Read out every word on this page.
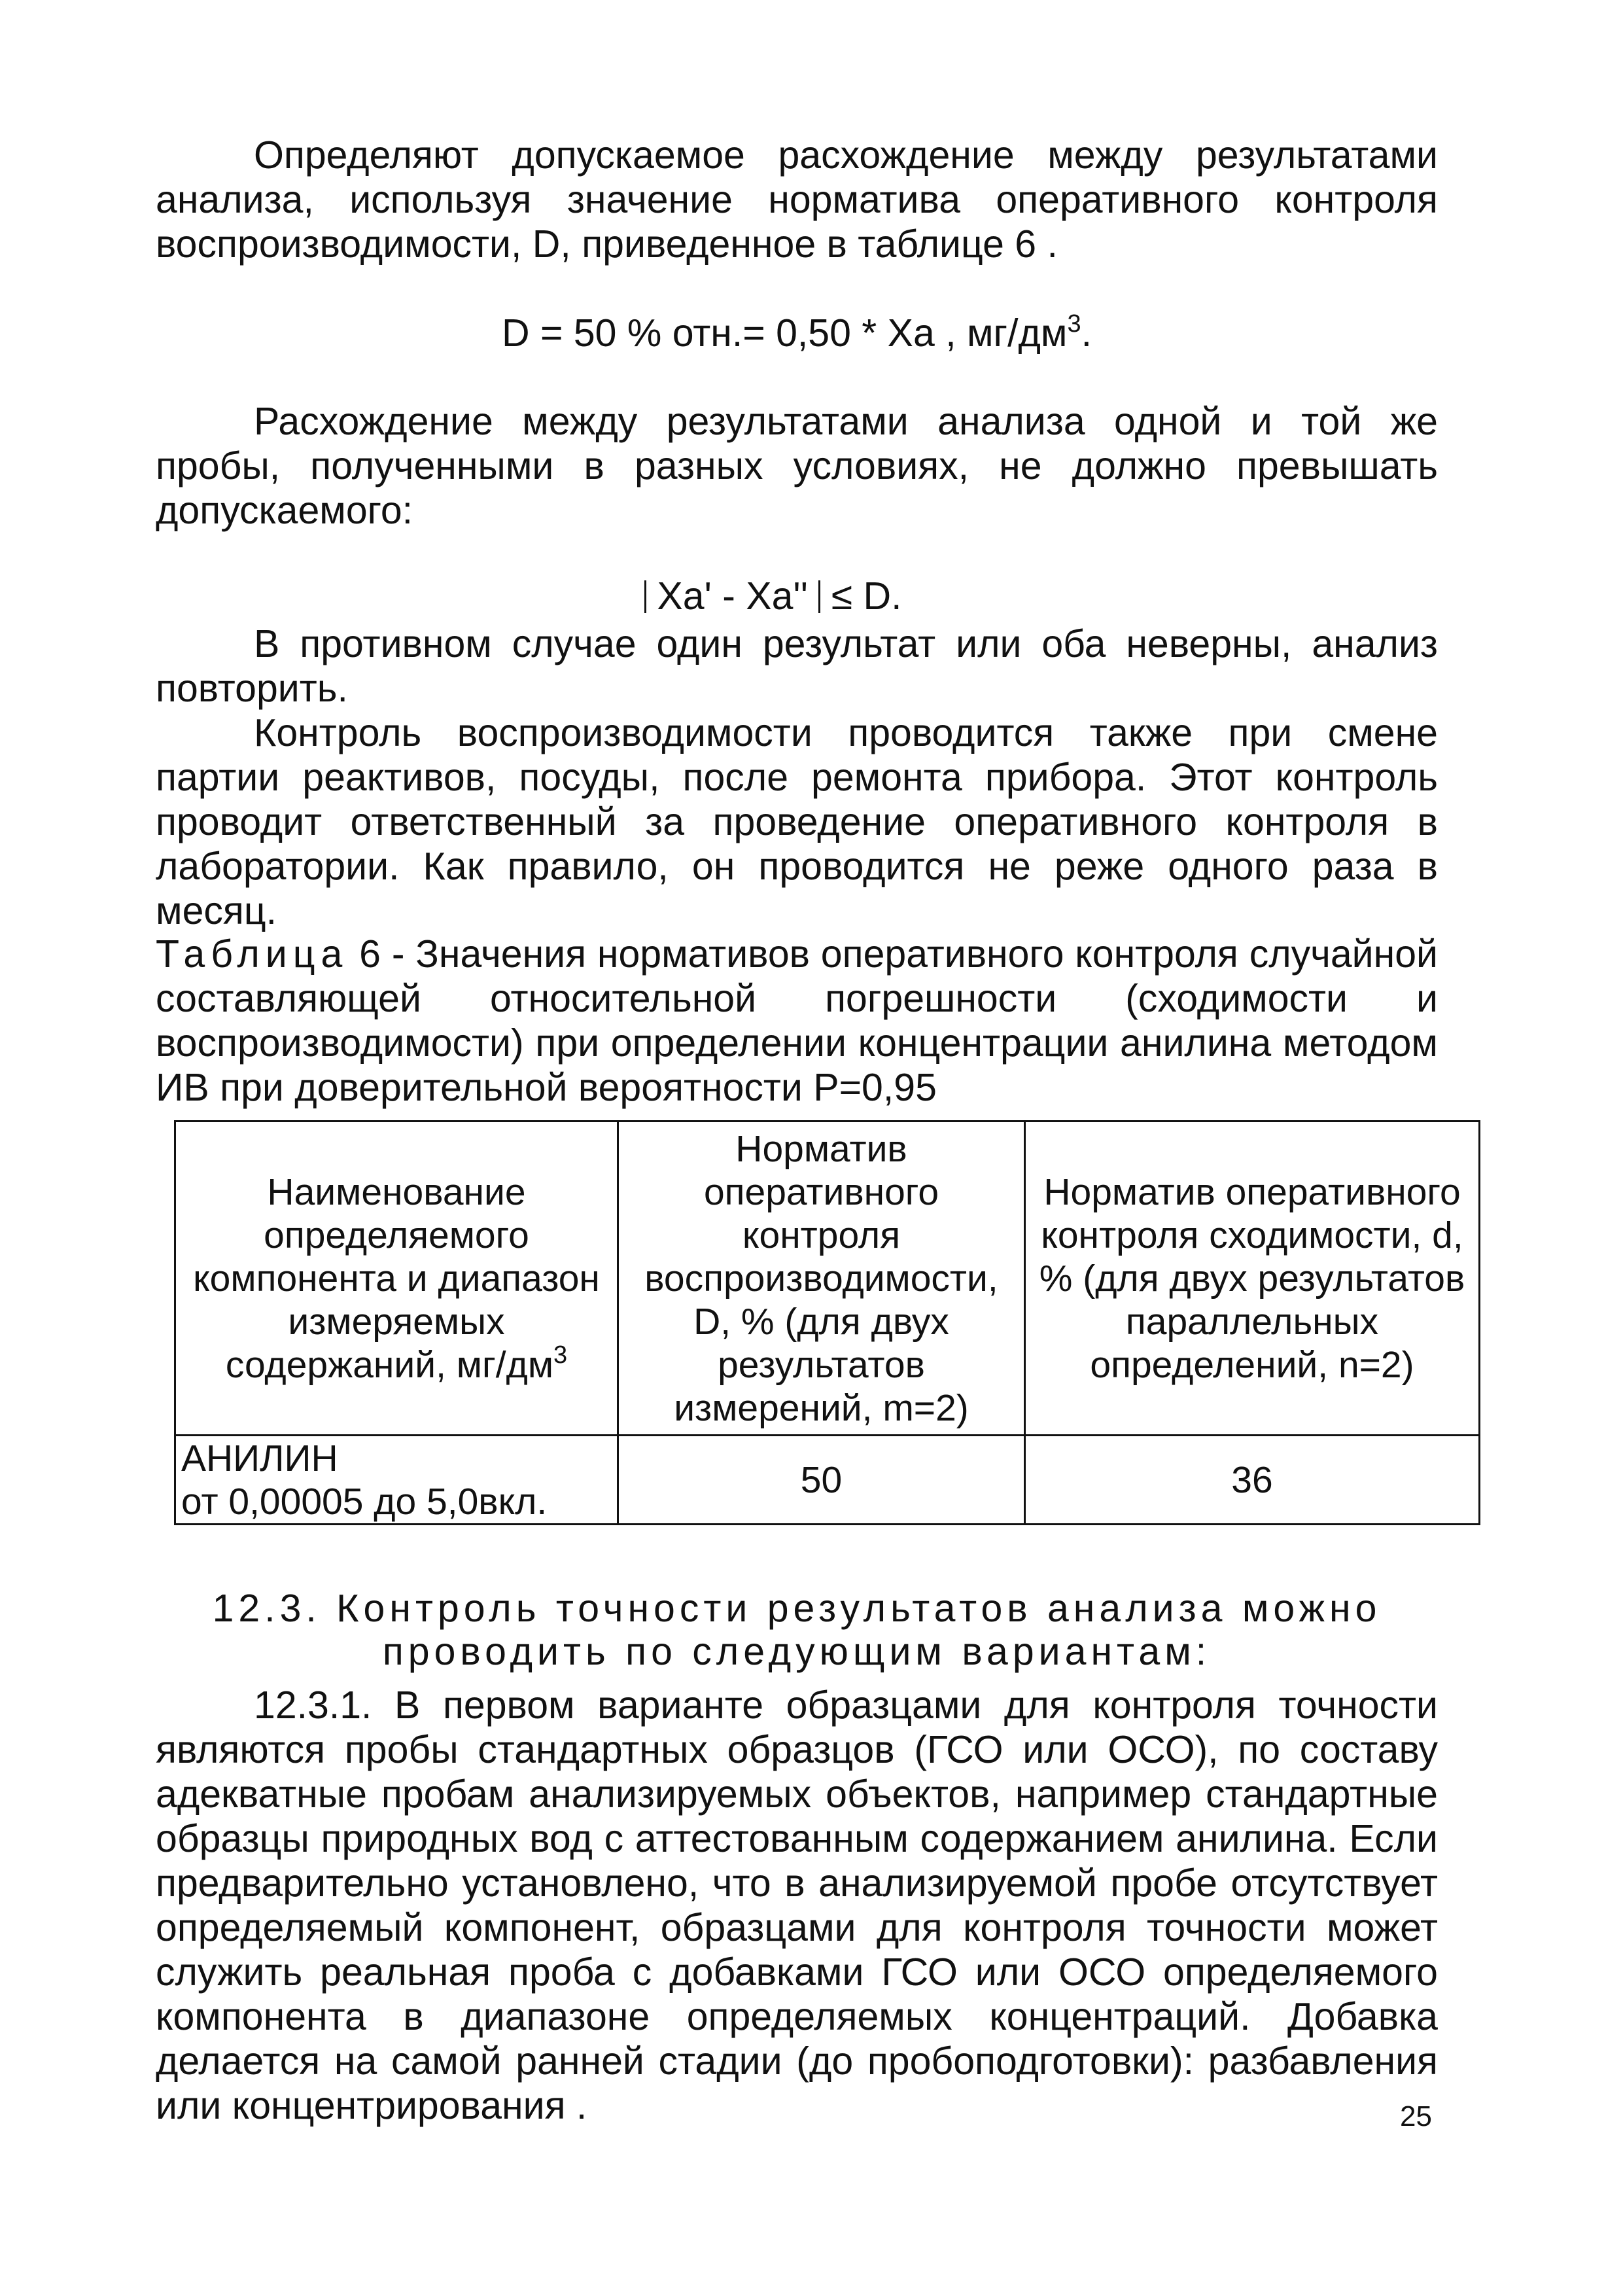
Определяют допускаемое расхождение между результатами анализа, используя значение норматива оперативного контроля воспроизводимости, D, приведенное в таблице 6 .
D = 50 % отн.= 0,50 * Ха , $мг/дм^3$.
Расхождение между результатами анализа одной и той же пробы, полученными в разных условиях, не должно превышать допускаемого:
Ха' - Ха'' ≤ D.
В противном случае один результат или оба неверны, анализ повторить.
Контроль воспроизводимости проводится также при смене партии реактивов, посуды, после ремонта прибора. Этот контроль проводит ответственный за проведение оперативного контроля в лаборатории. Как правило, он проводится не реже одного раза в месяц.
Таблица 6 - Значения нормативов оперативного контроля случайной составляющей относительной погрешности (сходимости и воспроизводимости) при определении концентрации анилина методом ИВ при доверительной вероятности Р=0,95
Наименование определяемого компонента и диапазон измеряемых содержаний, $мг/дм^3$	Норматив оперативного контроля воспроизводимости, D, % (для двух результатов измерений, m=2)	Норматив оперативного контроля сходимости, d, % (для двух результатов параллельных определений, n=2)

АНИЛИН
от 0,00005 до 5,0вкл.	50	36
12.3. Контроль точности результатов анализа можно
проводить по следующим вариантам:
12.3.1. В первом варианте образцами для контроля точности являются пробы стандартных образцов (ГСО или ОСО), по составу адекватные пробам анализируемых объектов, например стандартные образцы природных вод с аттестованным содержанием анилина. Если предварительно установлено, что в анализируемой пробе отсутствует определяемый компонент, образцами для контроля точности может служить реальная проба с добавками ГСО или ОСО определяемого компонента в диапазоне определяемых концентраций. Добавка делается на самой ранней стадии (до пробоподготовки): разбавления или концентрирования .	25
